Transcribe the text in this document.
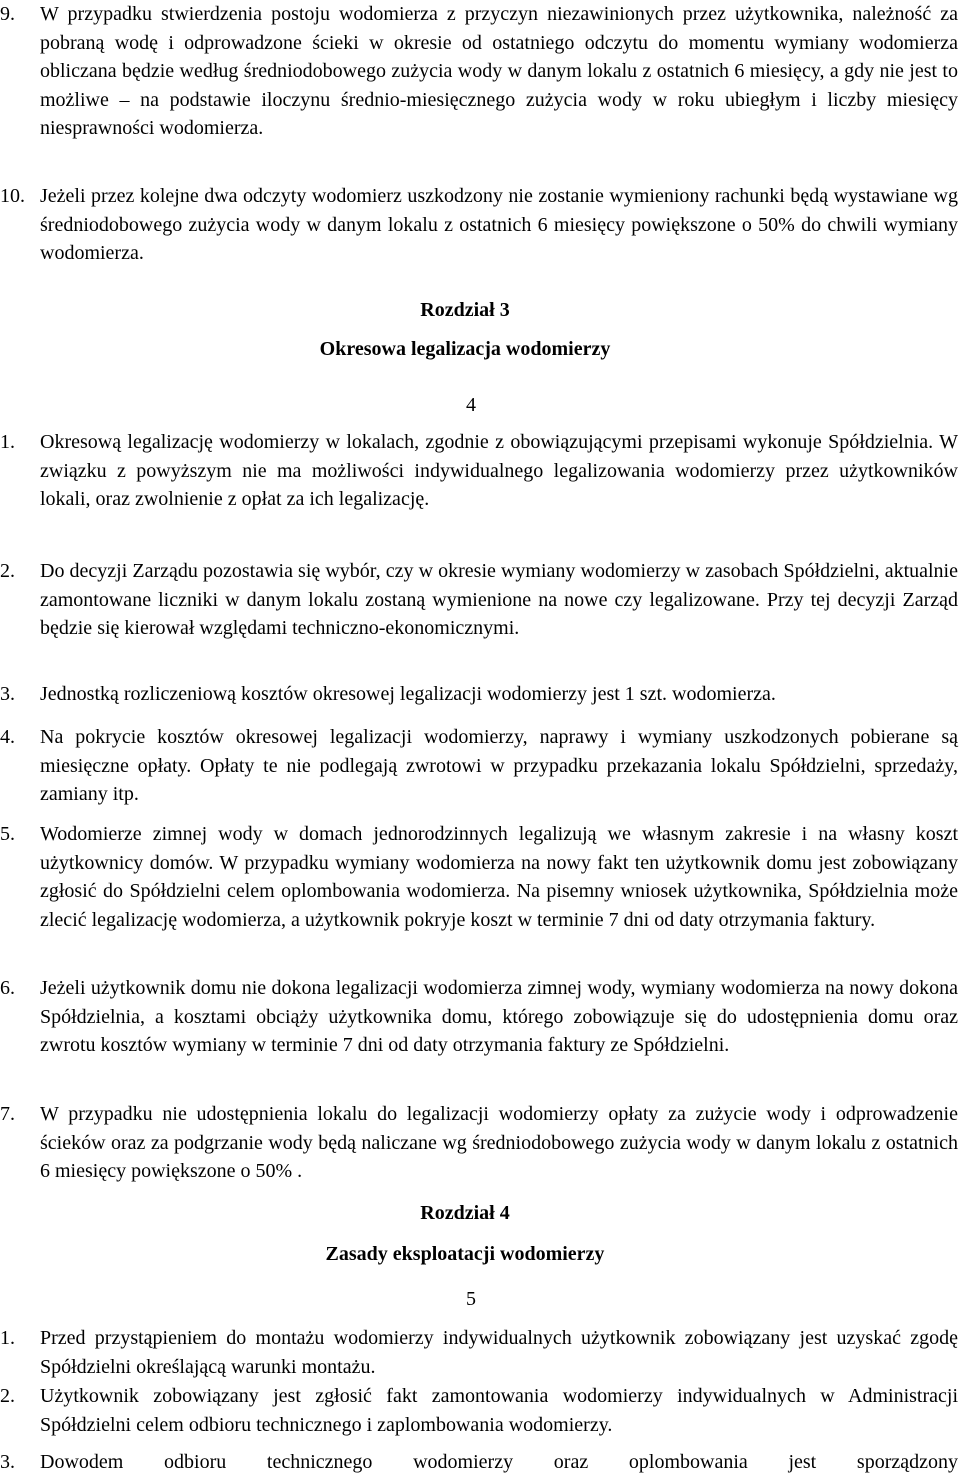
9. W przypadku stwierdzenia postoju wodomierza z przyczyn niezawinionych przez użytkownika, należność za pobraną wodę i odprowadzone ścieki w okresie od ostatniego odczytu do momentu wymiany wodomierza obliczana będzie według średniodobowego zużycia wody w danym lokalu z ostatnich 6 miesięcy, a gdy nie jest to możliwe – na podstawie iloczynu średnio-miesięcznego zużycia wody w roku ubiegłym i liczby miesięcy niesprawności wodomierza.
10. Jeżeli przez kolejne dwa odczyty wodomierz uszkodzony nie zostanie wymieniony rachunki będą wystawiane wg średniodobowego zużycia wody w danym lokalu z ostatnich 6 miesięcy powiększone o 50% do chwili wymiany wodomierza.
Rozdział 3
Okresowa legalizacja wodomierzy
4
1. Okresową legalizację wodomierzy w lokalach, zgodnie z obowiązującymi przepisami wykonuje Spółdzielnia. W związku z powyższym nie ma możliwości indywidualnego legalizowania wodomierzy przez użytkowników lokali, oraz zwolnienie z opłat za ich legalizację.
2. Do decyzji Zarządu pozostawia się wybór, czy w okresie wymiany wodomierzy w zasobach Spółdzielni, aktualnie zamontowane liczniki w danym lokalu zostaną wymienione na nowe czy legalizowane. Przy tej decyzji Zarząd będzie się kierował względami techniczno-ekonomicznymi.
3. Jednostką rozliczeniową kosztów okresowej legalizacji wodomierzy jest 1 szt. wodomierza.
4. Na pokrycie kosztów okresowej legalizacji wodomierzy, naprawy i wymiany uszkodzonych pobierane są miesięczne opłaty. Opłaty te nie podlegają zwrotowi w przypadku przekazania lokalu Spółdzielni, sprzedaży, zamiany itp.
5. Wodomierze zimnej wody w domach jednorodzinnych legalizują we własnym zakresie i na własny koszt użytkownicy domów. W przypadku wymiany wodomierza na nowy fakt ten użytkownik domu jest zobowiązany zgłosić do Spółdzielni celem oplombowania wodomierza. Na pisemny wniosek użytkownika, Spółdzielnia może zlecić legalizację wodomierza, a użytkownik pokryje koszt w terminie 7 dni od daty otrzymania faktury.
6. Jeżeli użytkownik domu nie dokona legalizacji wodomierza zimnej wody, wymiany wodomierza na nowy dokona Spółdzielnia, a kosztami obciąży użytkownika domu, którego zobowiązuje się do udostępnienia domu oraz zwrotu kosztów wymiany w terminie 7 dni od daty otrzymania faktury ze Spółdzielni.
7. W przypadku nie udostępnienia lokalu do legalizacji wodomierzy opłaty za zużycie wody i odprowadzenie ścieków oraz za podgrzanie wody będą naliczane wg średniodobowego zużycia wody w danym lokalu z ostatnich 6 miesięcy powiększone o 50% .
Rozdział 4
Zasady eksploatacji wodomierzy
5
1. Przed przystąpieniem do montażu wodomierzy indywidualnych użytkownik zobowiązany jest uzyskać zgodę Spółdzielni określającą warunki montażu.
2. Użytkownik zobowiązany jest zgłosić fakt zamontowania wodomierzy indywidualnych w Administracji Spółdzielni celem odbioru technicznego i zaplombowania wodomierzy.
3. Dowodem odbioru technicznego wodomierzy oraz oplombowania jest sporządzony
